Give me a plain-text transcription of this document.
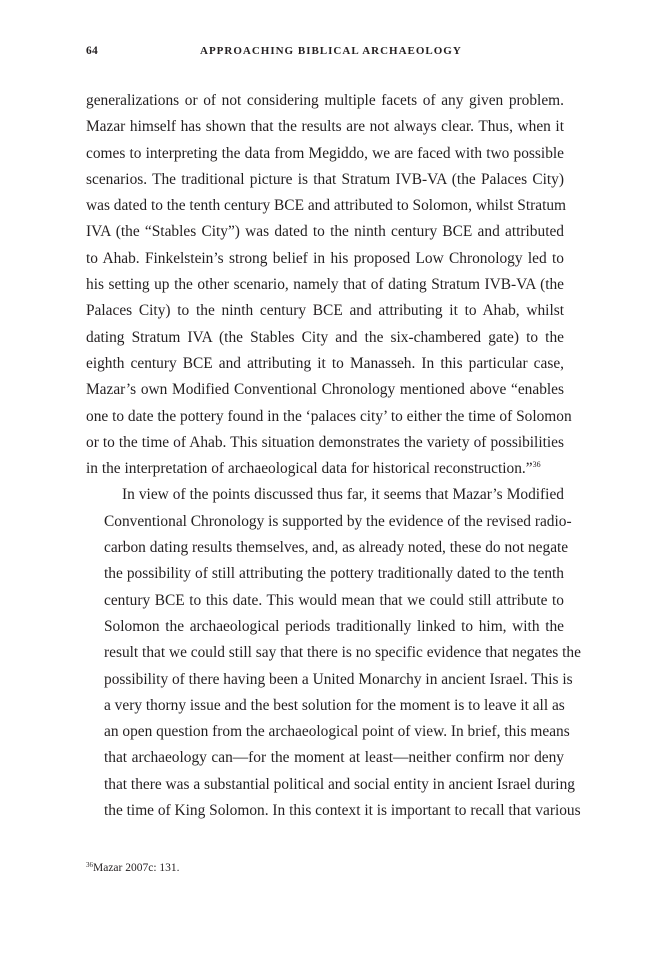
64	APPROACHING BIBLICAL ARCHAEOLOGY
generalizations or of not considering multiple facets of any given problem.
Mazar himself has shown that the results are not always clear. Thus, when it
comes to interpreting the data from Megiddo, we are faced with two possible
scenarios. The traditional picture is that Stratum IVB-VA (the Palaces City)
was dated to the tenth century BCE and attributed to Solomon, whilst Stratum
IVA (the “Stables City”) was dated to the ninth century BCE and attributed
to Ahab. Finkelstein’s strong belief in his proposed Low Chronology led to
his setting up the other scenario, namely that of dating Stratum IVB-VA (the
Palaces City) to the ninth century BCE and attributing it to Ahab, whilst
dating Stratum IVA (the Stables City and the six-chambered gate) to the
eighth century BCE and attributing it to Manasseh. In this particular case,
Mazar’s own Modified Conventional Chronology mentioned above “enables
one to date the pottery found in the ‘palaces city’ to either the time of Solomon
or to the time of Ahab. This situation demonstrates the variety of possibilities
in the interpretation of archaeological data for historical reconstruction.”$^{36}$
In view of the points discussed thus far, it seems that Mazar’s Modified
Conventional Chronology is supported by the evidence of the revised radio-
carbon dating results themselves, and, as already noted, these do not negate
the possibility of still attributing the pottery traditionally dated to the tenth
century BCE to this date. This would mean that we could still attribute to
Solomon the archaeological periods traditionally linked to him, with the
result that we could still say that there is no specific evidence that negates the
possibility of there having been a United Monarchy in ancient Israel. This is
a very thorny issue and the best solution for the moment is to leave it all as
an open question from the archaeological point of view. In brief, this means
that archaeology can—for the moment at least—neither confirm nor deny
that there was a substantial political and social entity in ancient Israel during
the time of King Solomon. In this context it is important to recall that various
$^{36}$Mazar 2007c: 131.
